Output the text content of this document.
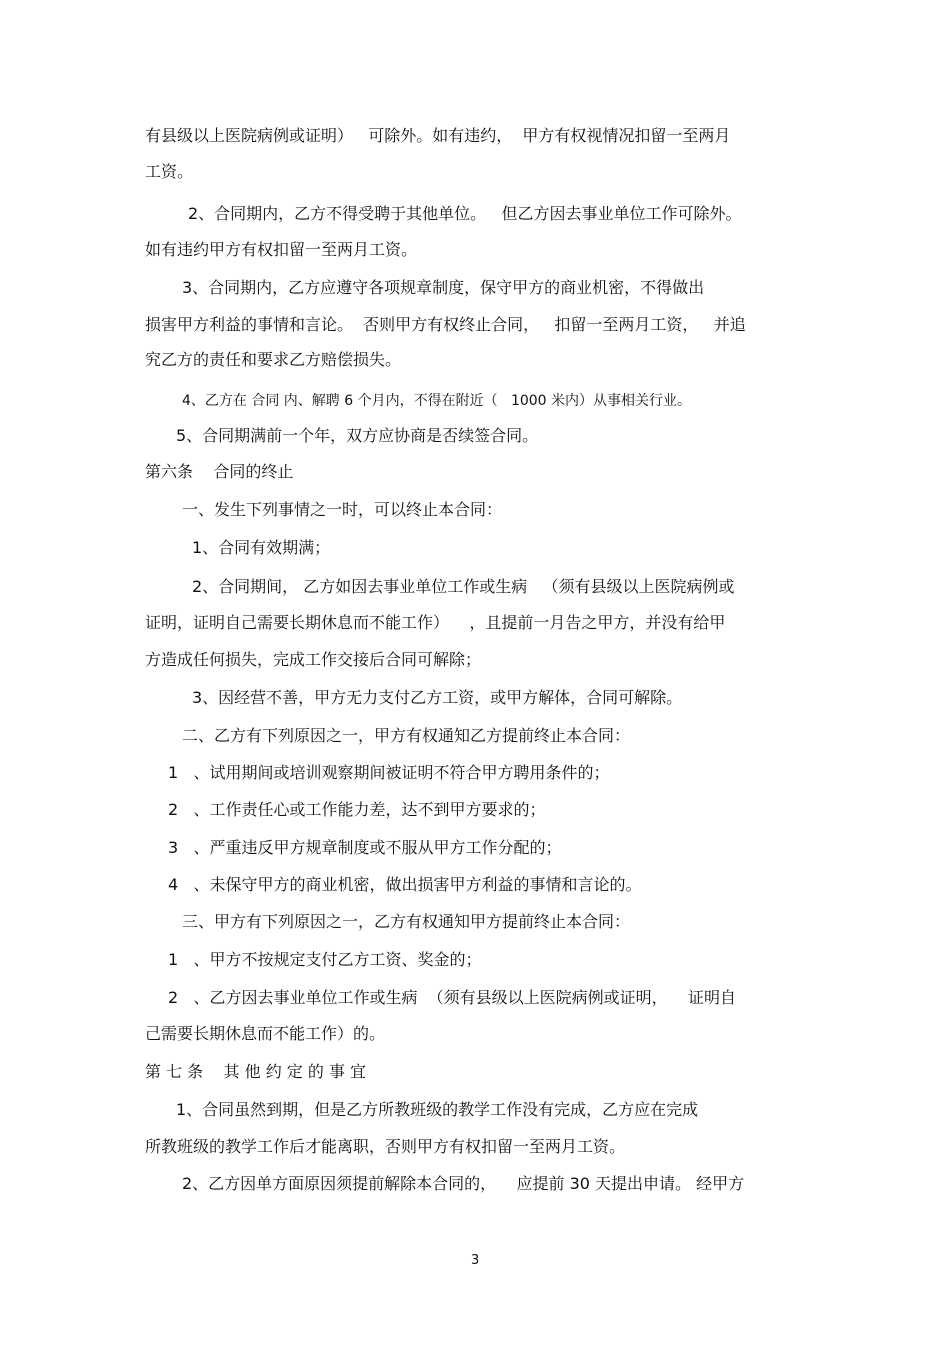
有县级以上医院病例或证明）   可除外。如有违约，  甲方有权视情况扣留一至两月
工资。
2、合同期内，乙方不得受聘于其他单位。   但乙方因去事业单位工作可除外。
如有违约甲方有权扣留一至两月工资。
3、合同期内，乙方应遵守各项规章制度，保守甲方的商业机密，不得做出
损害甲方利益的事情和言论。  否则甲方有权终止合同，   扣留一至两月工资，   并追
究乙方的责任和要求乙方赔偿损失。
4、乙方在 合同 内、解聘 6 个月内，不得在附近（   1000 米内）从事相关行业。
5、合同期满前一个年，双方应协商是否续签合同。
第六条    合同的终止
一、发生下列事情之一时，可以终止本合同：
1、合同有效期满；
2、合同期间， 乙方如因去事业单位工作或生病   （须有县级以上医院病例或
证明，证明自己需要长期休息而不能工作）    ，且提前一月告之甲方，并没有给甲
方造成任何损失，完成工作交接后合同可解除；
3、因经营不善，甲方无力支付乙方工资，或甲方解体，合同可解除。
二、乙方有下列原因之一，甲方有权通知乙方提前终止本合同：
1   、试用期间或培训观察期间被证明不符合甲方聘用条件的；
2   、工作责任心或工作能力差，达不到甲方要求的；
3   、严重违反甲方规章制度或不服从甲方工作分配的；
4   、未保守甲方的商业机密，做出损害甲方利益的事情和言论的。
三、甲方有下列原因之一，乙方有权通知甲方提前终止本合同：
1   、甲方不按规定支付乙方工资、奖金的；
2   、乙方因去事业单位工作或生病  （须有县级以上医院病例或证明，    证明自
己需要长期休息而不能工作）的。
第 七 条    其 他 约 定 的 事 宜
1、合同虽然到期，但是乙方所教班级的教学工作没有完成，乙方应在完成
所教班级的教学工作后才能离职，否则甲方有权扣留一至两月工资。
2、乙方因单方面原因须提前解除本合同的，    应提前 30 天提出申请。 经甲方
3
